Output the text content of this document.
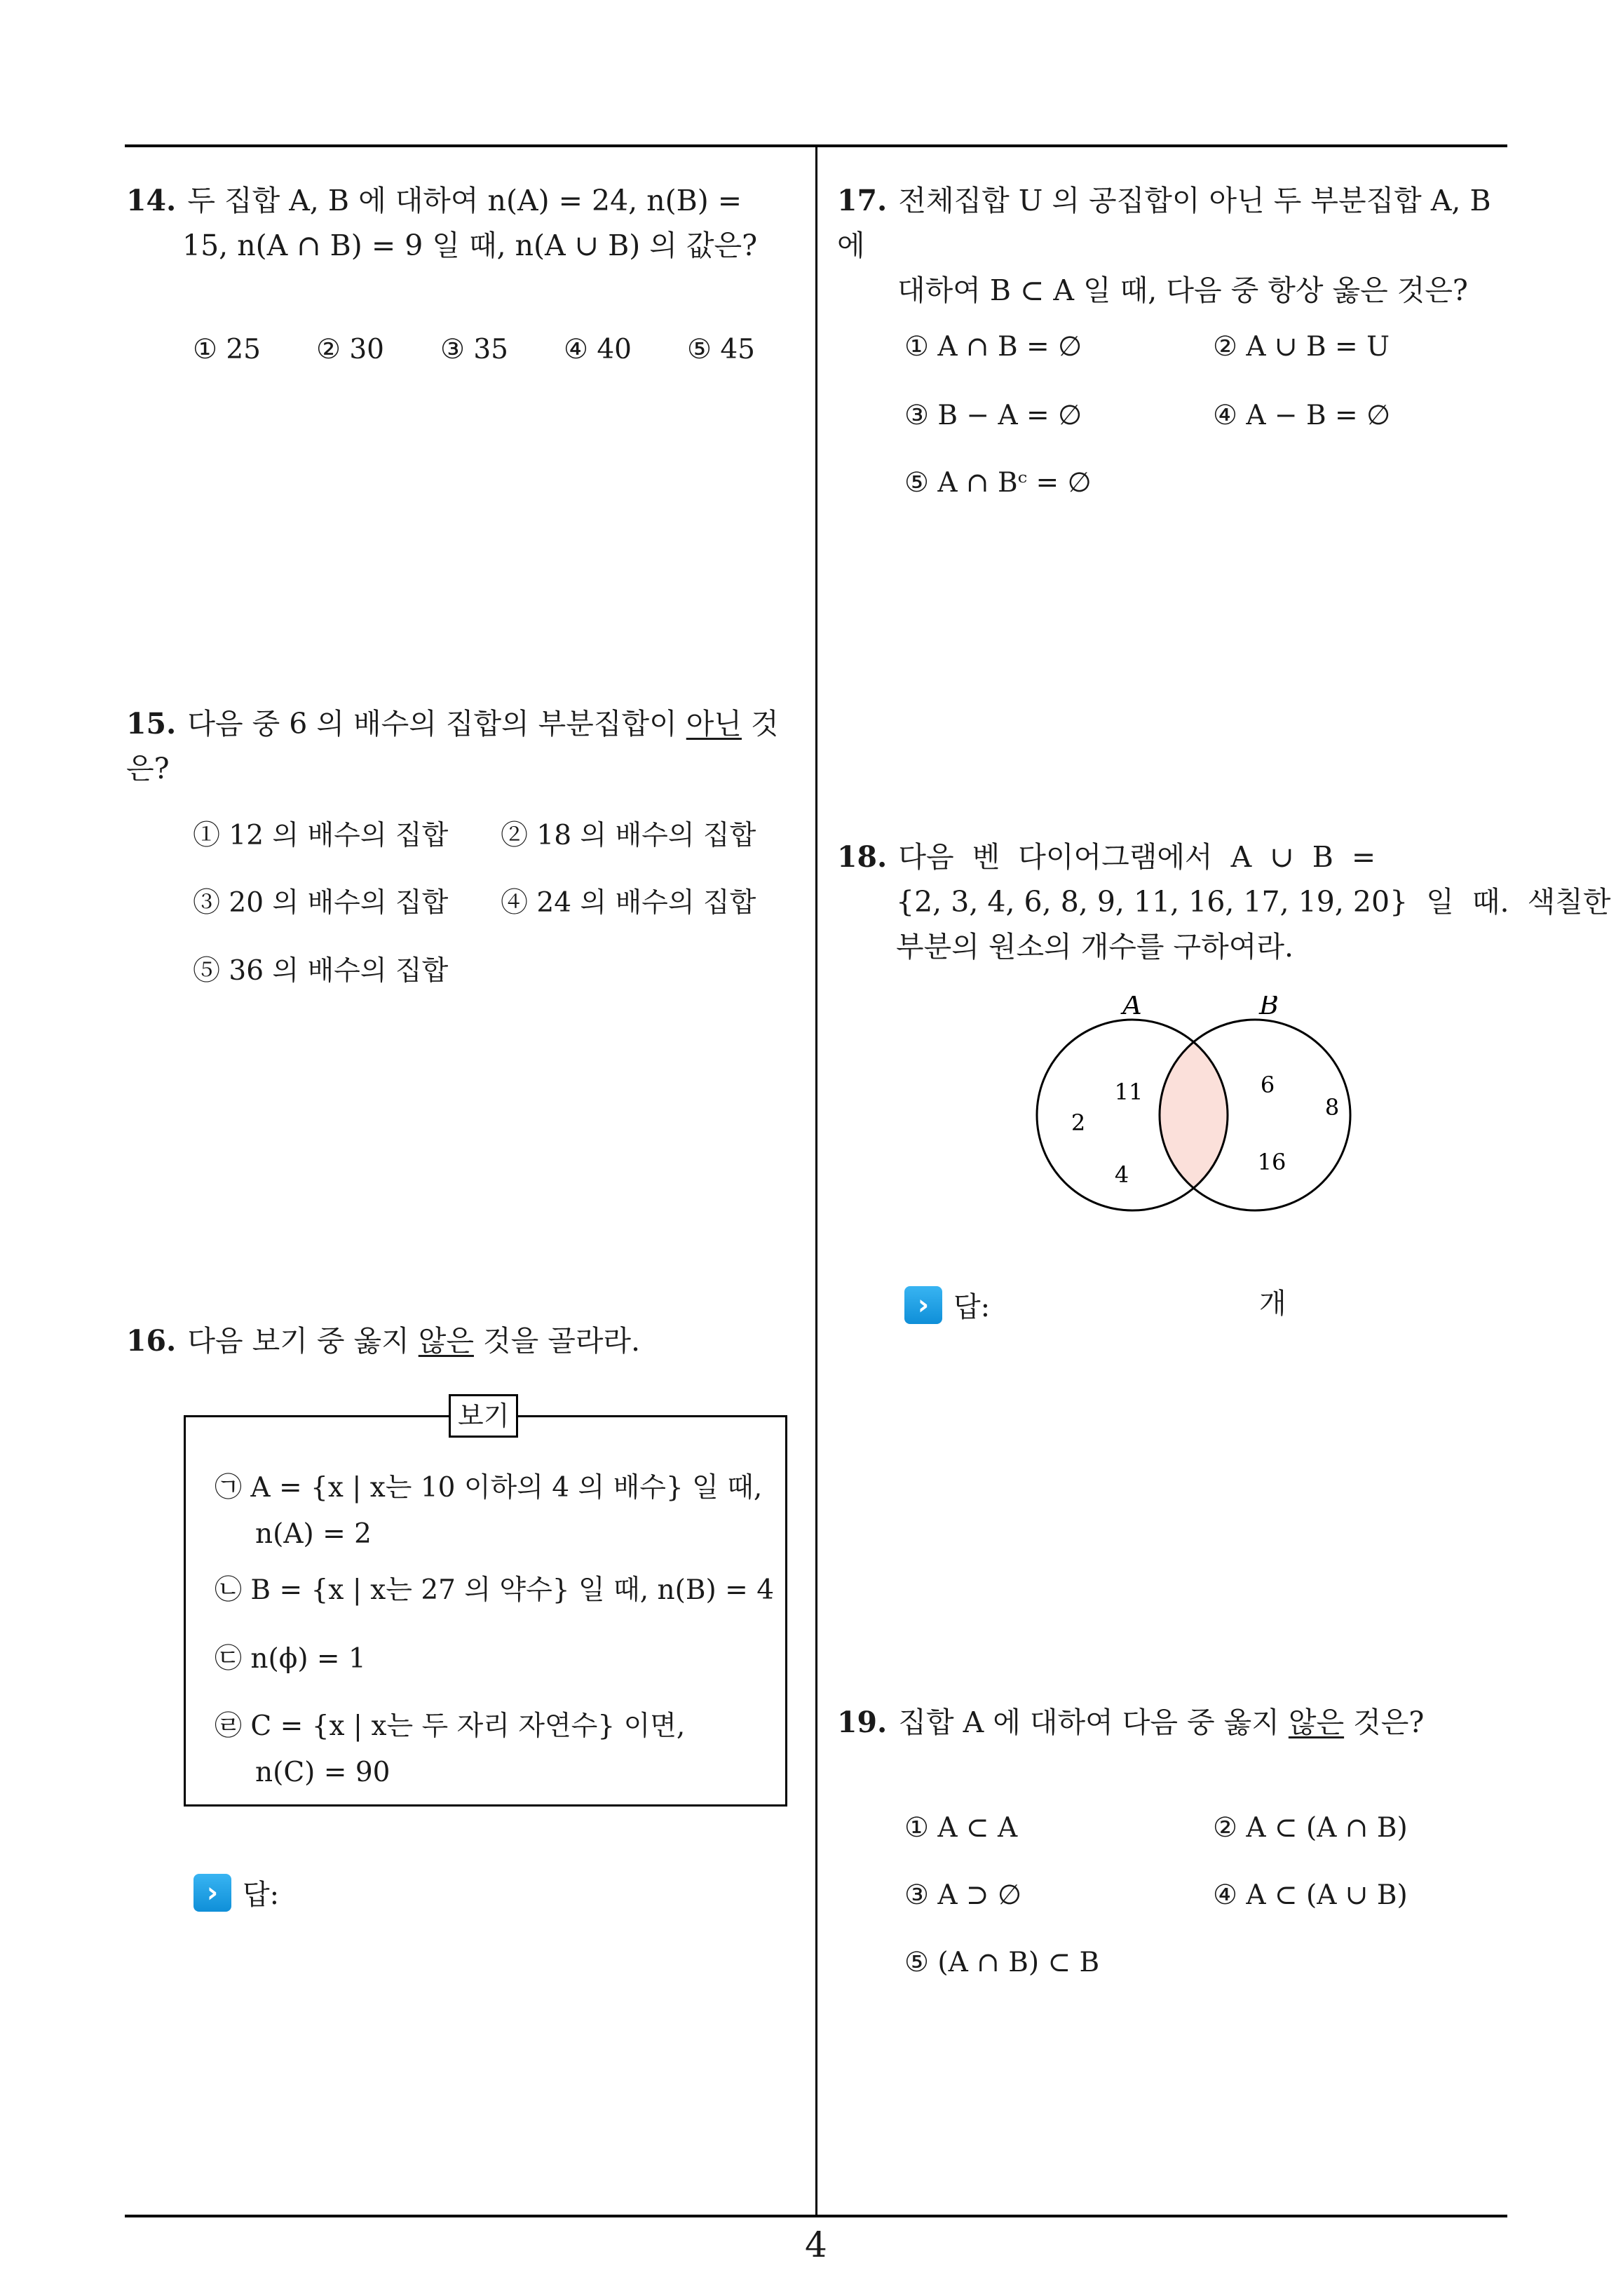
4
14. 두 집합 A, B 에 대하여 n(A) = 24, n(B) =
15, n(A ∩ B) = 9 일 때, n(A ∪ B) 의 값은?
① 25 ② 30 ③ 35 ④ 40 ⑤ 45
15. 다음 중 6 의 배수의 집합의 부분집합이 아닌 것은?
① 12 의 배수의 집합 ② 18 의 배수의 집합
③ 20 의 배수의 집합 ④ 24 의 배수의 집합
⑤ 36 의 배수의 집합
16. 다음 보기 중 옳지 않은 것을 골라라.
보기
㉠ A = {x | x는 10 이하의 4 의 배수} 일 때,
n(A) = 2
㉡ B = {x | x는 27 의 약수} 일 때, n(B) = 4
㉢ n(ϕ) = 1
㉣ C = {x | x는 두 자리 자연수} 이면,
n(C) = 90
› 답:
17. 전체집합 U 의 공집합이 아닌 두 부분집합 A, B 에
대하여 B ⊂ A 일 때, 다음 중 항상 옳은 것은?
① A ∩ B = ∅	② A ∪ B = U
③ B − A = ∅	④ A − B = ∅
⑤ A ∩ Bᶜ = ∅
18. 다음  벤  다이어그램에서  A  ∪  B  =
{2, 3, 4, 6, 8, 9, 11, 16, 17, 19, 20}  일  때.  색칠한
부분의 원소의 개수를 구하여라.
A	B
11
2
4
6
8
16
› 답:	개
19. 집합 A 에 대하여 다음 중 옳지 않은 것은?
① A ⊂ A	② A ⊂ (A ∩ B)
③ A ⊃ ∅	④ A ⊂ (A ∪ B)
⑤ (A ∩ B) ⊂ B
